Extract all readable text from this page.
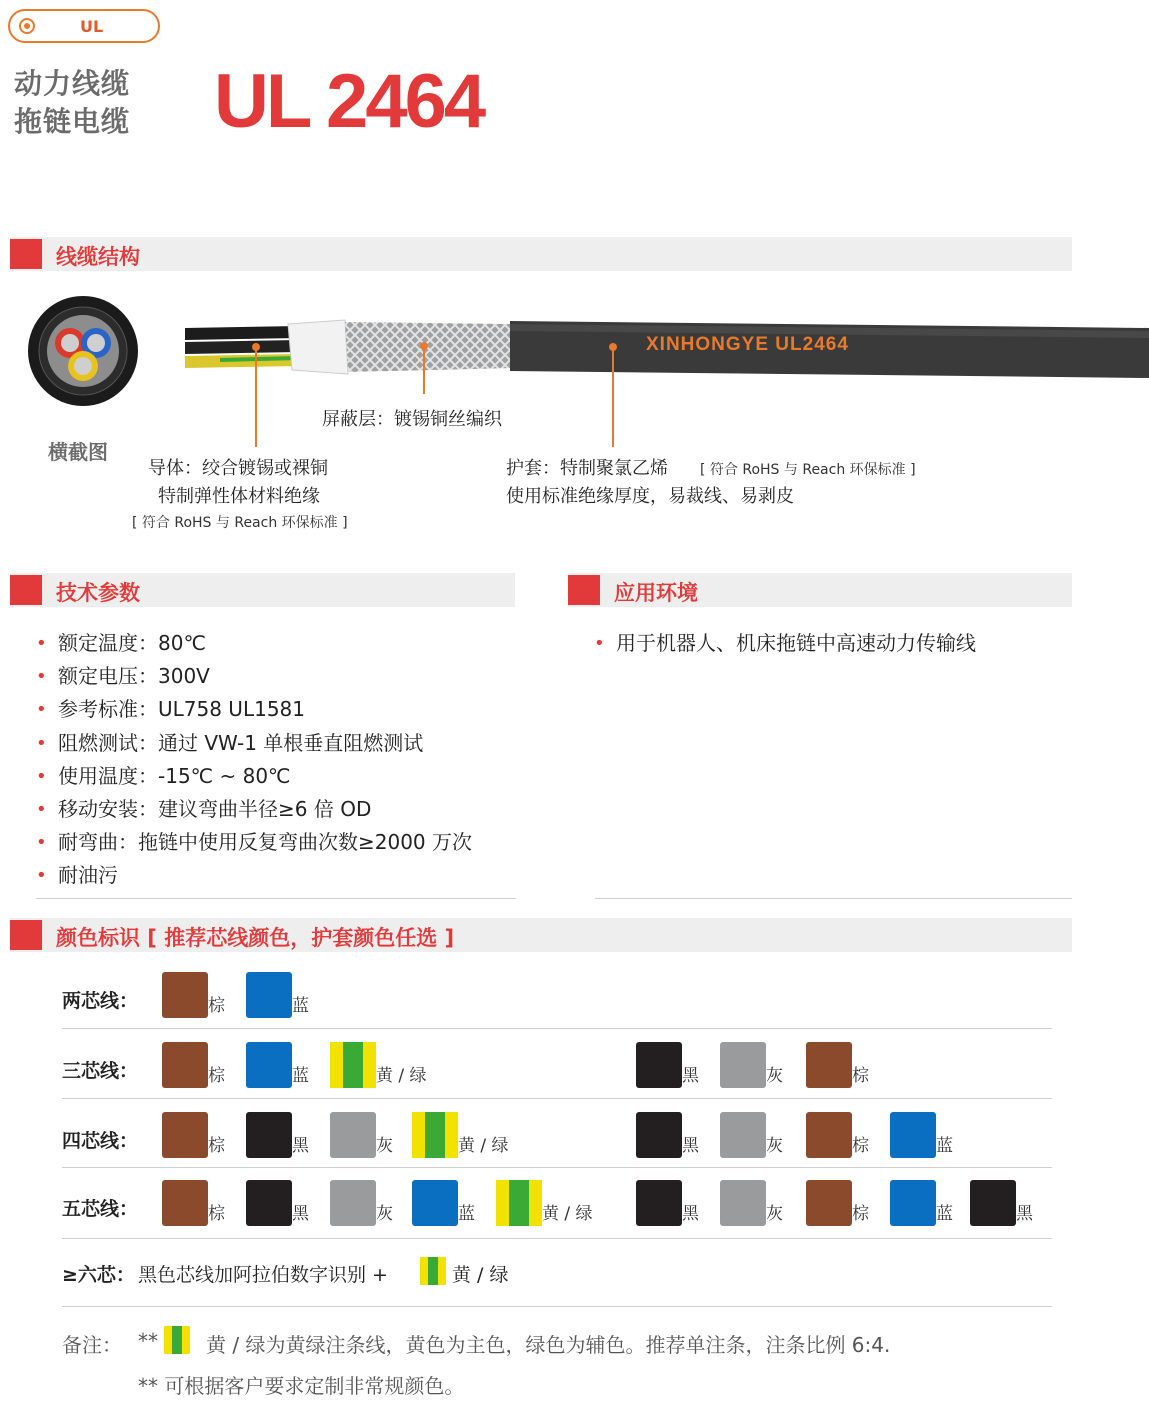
UL
动力线缆
拖链电缆 UL 2464
线缆结构
横截图
XINHONGYE UL2464
屏蔽层：镀锡铜丝编织
导体：绞合镀锡或裸铜
特制弹性体材料绝缘
[ 符合 RoHS 与 Reach 环保标准 ]
护套：特制聚氯乙烯 [ 符合 RoHS 与 Reach 环保标准 ]
使用标准绝缘厚度，易裁线、易剥皮
技术参数
• 额定温度：80℃
• 额定电压：300V
• 参考标准：UL758 UL1581
• 阻燃测试：通过 VW-1 单根垂直阻燃测试
• 使用温度：-15℃ ~ 80℃
• 移动安装：建议弯曲半径≥6 倍 OD
• 耐弯曲：拖链中使用反复弯曲次数≥2000 万次
• 耐油污
应用环境
• 用于机器人、机床拖链中高速动力传输线
颜色标识 [ 推荐芯线颜色，护套颜色任选 ]
两芯线：	棕	蓝
三芯线：	棕	蓝	黄 / 绿	黑	灰	棕
四芯线：	棕	黑	灰	黄 / 绿	黑	灰	棕	蓝
五芯线：	棕	黑	灰	蓝	黄 / 绿	黑	灰	棕	蓝	黑
≥六芯： 黑色芯线加阿拉伯数字识别 +	黄 / 绿
备注： ** 黄 / 绿为黄绿注条线，黄色为主色，绿色为辅色。推荐单注条，注条比例 6:4.
** 可根据客户要求定制非常规颜色。
